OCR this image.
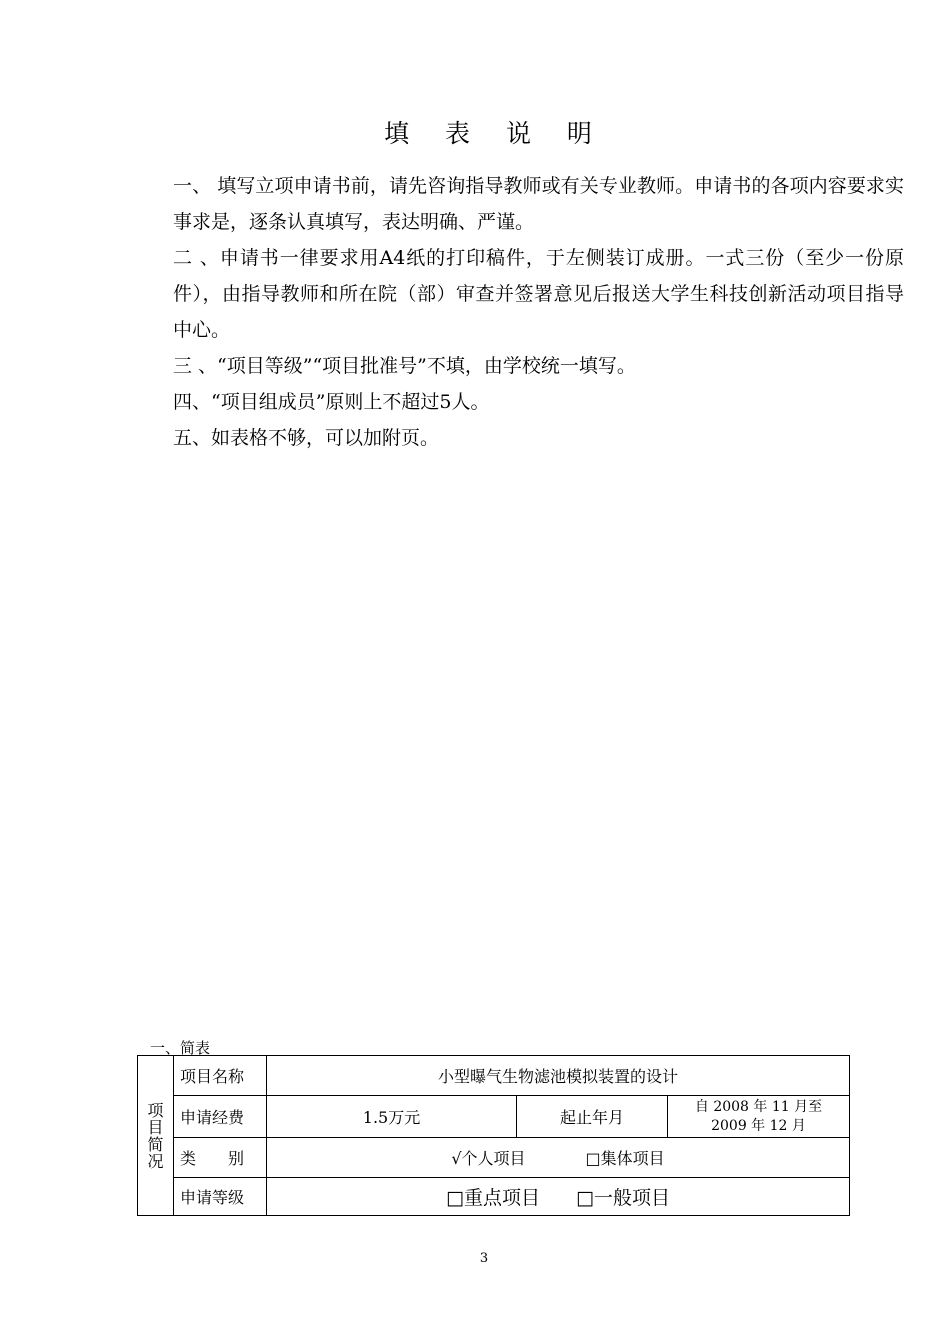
填 表 说 明
一、 填写立项申请书前，请先咨询指导教师或有关专业教师。申请书的各项内容要求实事求是，逐条认真填写，表达明确、严谨。
二 、申请书一律要求用A4纸的打印稿件，于左侧装订成册。一式三份（至少一份原件），由指导教师和所在院（部）审查并签署意见后报送大学生科技创新活动项目指导中心。
三 、“项目等级”“项目批准号”不填，由学校统一填写。
四、“项目组成员”原则上不超过5人。
五、如表格不够，可以加附页。
一、简表
项
目
简
况	项目名称	小型曝气生物滤池模拟装置的设计		
	申请经费	1.5万元	起止年月	自 2008 年 11 月至
2009 年 12 月

	类　　别	√个人项目 □集体项目		
	申请等级	□重点项目 □一般项目		
3
